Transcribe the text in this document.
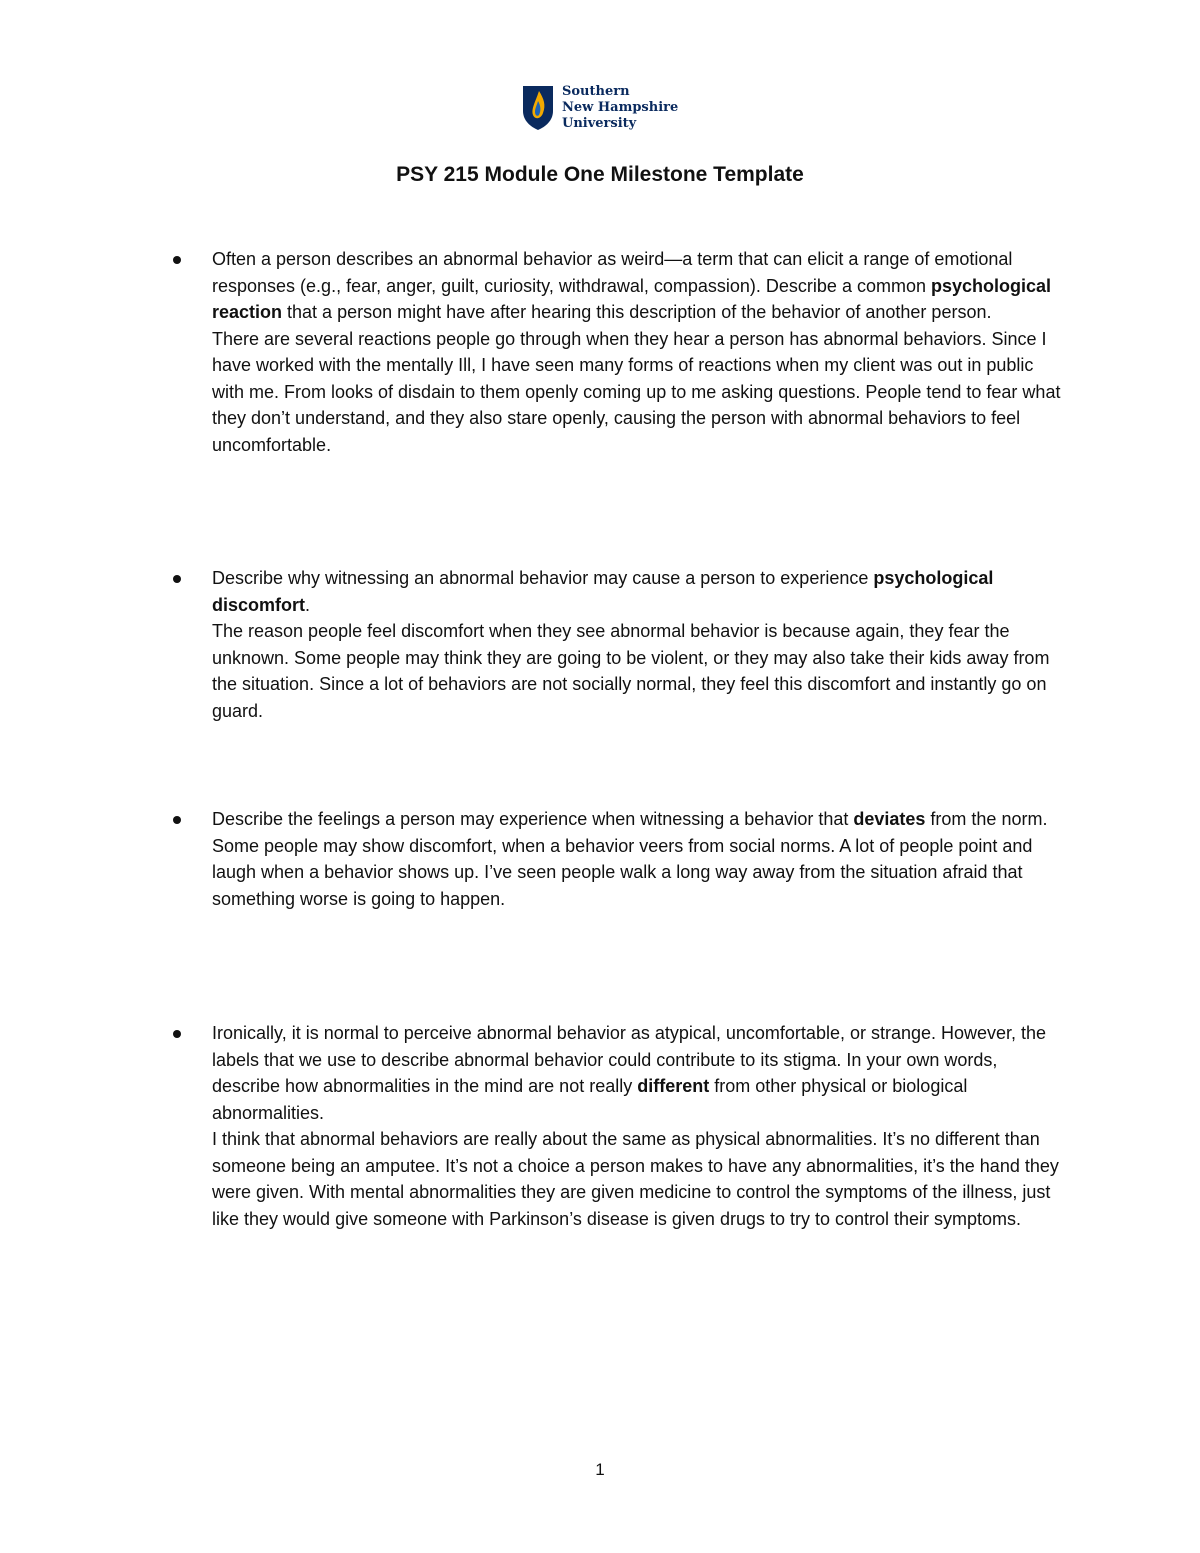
Southern
New Hampshire
University
PSY 215 Module One Milestone Template

Often a person describes an abnormal behavior as weird—a term that can elicit a range of emotional responses (e.g., fear, anger, guilt, curiosity, withdrawal, compassion). Describe a common psychological reaction that a person might have after hearing this description of the behavior of another person.

There are several reactions people go through when they hear a person has abnormal behaviors. Since I have worked with the mentally Ill, I have seen many forms of reactions when my client was out in public with me. From looks of disdain to them openly coming up to me asking questions. People tend to fear what they don’t understand, and they also stare openly, causing the person with abnormal behaviors to feel uncomfortable.

Describe why witnessing an abnormal behavior may cause a person to experience psychological discomfort.

The reason people feel discomfort when they see abnormal behavior is because again, they fear the unknown. Some people may think they are going to be violent, or they may also take their kids away from the situation. Since a lot of behaviors are not socially normal, they feel this discomfort and instantly go on guard.

Describe the feelings a person may experience when witnessing a behavior that deviates from the norm.

Some people may show discomfort, when a behavior veers from social norms. A lot of people point and laugh when a behavior shows up. I’ve seen people walk a long way away from the situation afraid that something worse is going to happen.

Ironically, it is normal to perceive abnormal behavior as atypical, uncomfortable, or strange. However, the labels that we use to describe abnormal behavior could contribute to its stigma. In your own words, describe how abnormalities in the mind are not really different from other physical or biological abnormalities.

I think that abnormal behaviors are really about the same as physical abnormalities. It’s no different than someone being an amputee. It’s not a choice a person makes to have any abnormalities, it’s the hand they were given. With mental abnormalities they are given medicine to control the symptoms of the illness, just like they would give someone with Parkinson’s disease is given drugs to try to control their symptoms.

1
